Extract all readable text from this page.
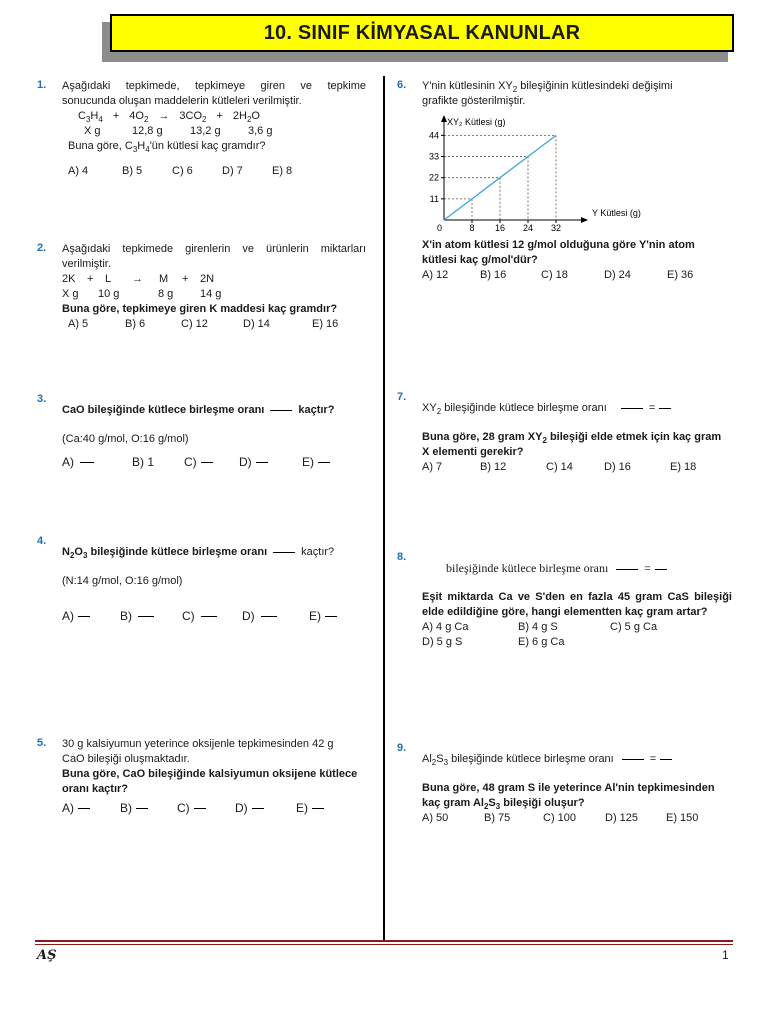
10. SINIF KİMYASAL KANUNLAR
1. Aşağıdaki tepkimede, tepkimeye giren ve tepkime
sonucunda oluşan maddelerin kütleleri verilmiştir.
$C_3H_4 + 4O_2 \to 3CO_2 + 2H_2O$
X g	12,8 g 13,2 g 3,6 g
Buna göre, $C_3H_4'ün$ kütlesi kaç gramdır?
A) 4	B) 5	C) 6	D) 7	E) 8
2. Aşağıdaki tepkimede girenlerin ve ürünlerin miktarları
verilmiştir.
2K + L → M + 2N
X g 10 g	8 g 14 g
Buna göre, tepkimeye giren K maddesi kaç gramdır?
A) 5	B) 6	C) 12	D) 14	E) 16
3.
CaO bileşiğinde kütlece birleşme oranı	kaçtır?
(Ca:40 g/mol, O:16 g/mol)
A)	B) 1	C)	D)	E)
4.
$N_2O_3$ bileşiğinde kütlece birleşme oranı	kaçtır?
(N:14 g/mol, O:16 g/mol)
A)	B)	C)	D)	E)
5. 30 g kalsiyumun yeterince oksijenle tepkimesinden 42 g
CaO bileşiği oluşmaktadır.
Buna göre, CaO bileşiğinde kalsiyumun oksijene kütlece
oranı kaçtır?
A)	B)	C)	D)	E)
6. Y'nin kütlesinin $XY_2$ bileşiğinin kütlesindeki değişimi
grafikte gösterilmiştir.
8 16 24 32
11
22
33
44
0
XY₂ Kütlesi (g)
Y Kütlesi (g)
X'in atom kütlesi 12 g/mol olduğuna göre Y'nin atom
kütlesi kaç g/mol'dür?
A) 12	B) 16	C) 18	D) 24	E) 36
7.
$XY_2$ bileşiğinde kütlece birleşme oranı	=
Buna göre, 28 gram $XY_2$ bileşiği elde etmek için kaç gram
X elementi gerekir?
A) 7	B) 12	C) 14	D) 16	E) 18
8.
bileşiğinde kütlece birleşme oranı	=
Eşit miktarda Ca ve S'den en fazla 45 gram CaS bileşiği
elde edildiğine göre, hangi elementten kaç gram artar?
A) 4 g Ca	B) 4 g S	C) 5 g Ca
D) 5 g S	E) 6 g Ca
9.
$Al_2S_3$ bileşiğinde kütlece birleşme oranı	=
Buna göre, 48 gram S ile yeterince Al'nin tepkimesinden
kaç gram $Al_2S_3$ bileşiği oluşur?
A) 50	B) 75	C) 100	D) 125	E) 150
AŞ	1
